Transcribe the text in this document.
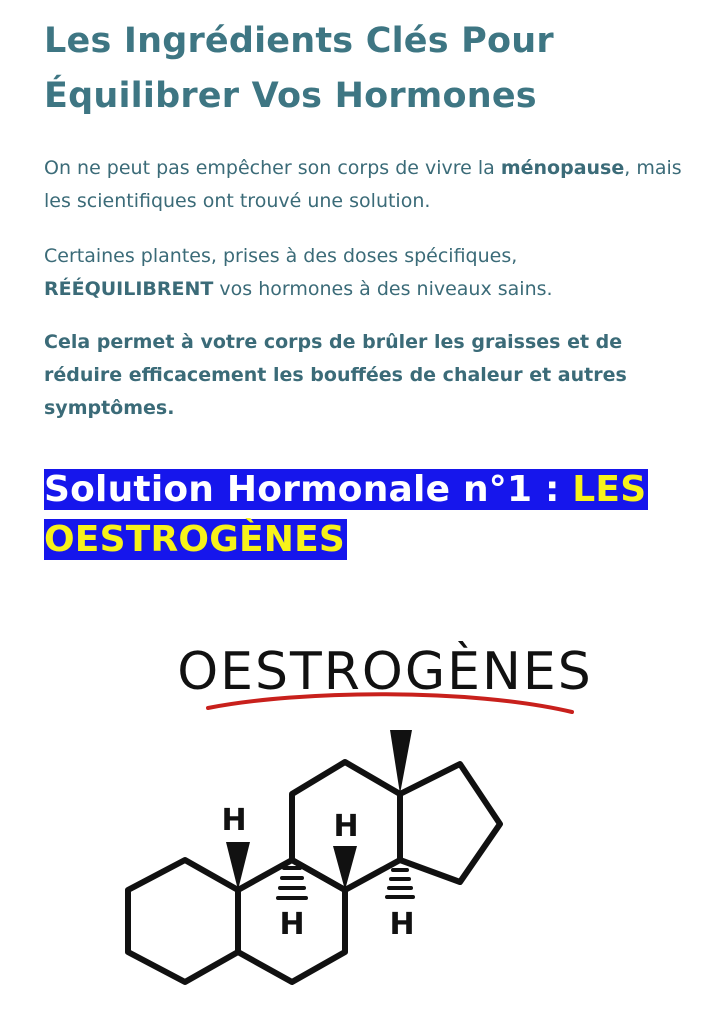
Les Ingrédients Clés Pour
Équilibrer Vos Hormones

On ne peut pas empêcher son corps de vivre la ménopause, mais les scientifiques ont trouvé une solution.

Certaines plantes, prises à des doses spécifiques, RÉÉQUILIBRENT vos hormones à des niveaux sains.

Cela permet à votre corps de brûler les graisses et de réduire efficacement les bouffées de chaleur et autres symptômes.

Solution Hormonale n°1 : LES OESTROGÈNES
OESTROGÈNES
H	H
H	H
